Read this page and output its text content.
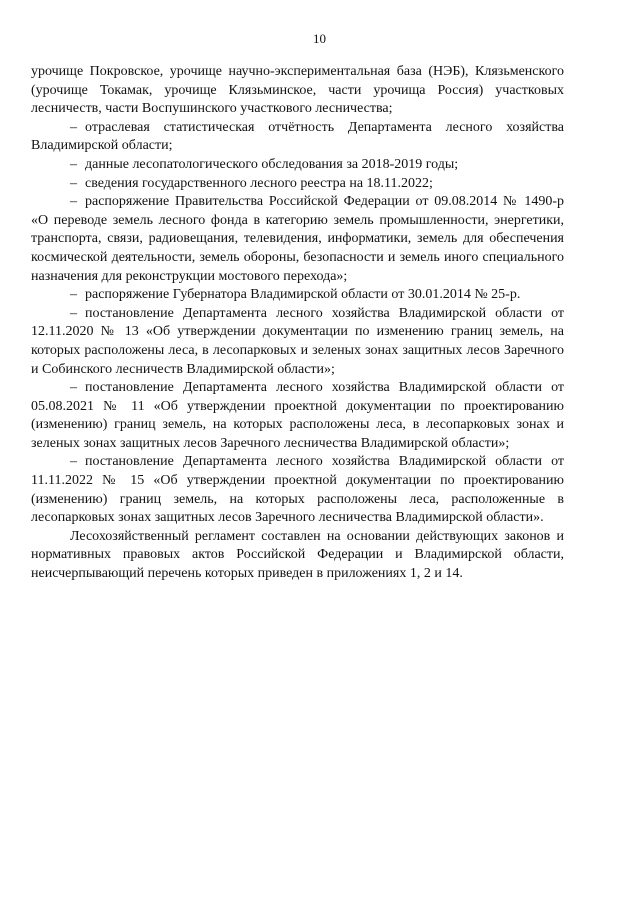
10

урочище Покровское, урочище научно-экспериментальная база (НЭБ), Клязьменского (урочище Токамак, урочище Клязьминское, части урочища Россия) участковых лесничеств, части Воспушинского участкового лесничества;

– отраслевая статистическая отчётность Департамента лесного хозяйства Владимирской области;

– данные лесопатологического обследования за 2018-2019 годы;

– сведения государственного лесного реестра на 18.11.2022;

– распоряжение Правительства Российской Федерации от 09.08.2014 № 1490-р «О переводе земель лесного фонда в категорию земель промышленности, энергетики, транспорта, связи, радиовещания, телевидения, информатики, земель для обеспечения космической деятельности, земель обороны, безопасности и земель иного специального назначения для реконструкции мостового перехода»;

– распоряжение Губернатора Владимирской области от 30.01.2014 № 25-р.

– постановление Департамента лесного хозяйства Владимирской области от 12.11.2020 № 13 «Об утверждении документации по изменению границ земель, на которых расположены леса, в лесопарковых и зеленых зонах защитных лесов Заречного и Собинского лесничеств Владимирской области»;

– постановление Департамента лесного хозяйства Владимирской области от 05.08.2021 № 11 «Об утверждении проектной документации по проектированию (изменению) границ земель, на которых расположены леса, в лесопарковых зонах и зеленых зонах защитных лесов Заречного лесничества Владимирской области»;

– постановление Департамента лесного хозяйства Владимирской области от 11.11.2022 № 15 «Об утверждении проектной документации по проектированию (изменению) границ земель, на которых расположены леса, расположенные в лесопарковых зонах защитных лесов Заречного лесничества Владимирской области».

Лесохозяйственный регламент составлен на основании действующих законов и нормативных правовых актов Российской Федерации и Владимирской области, неисчерпывающий перечень которых приведен в приложениях 1, 2 и 14.
